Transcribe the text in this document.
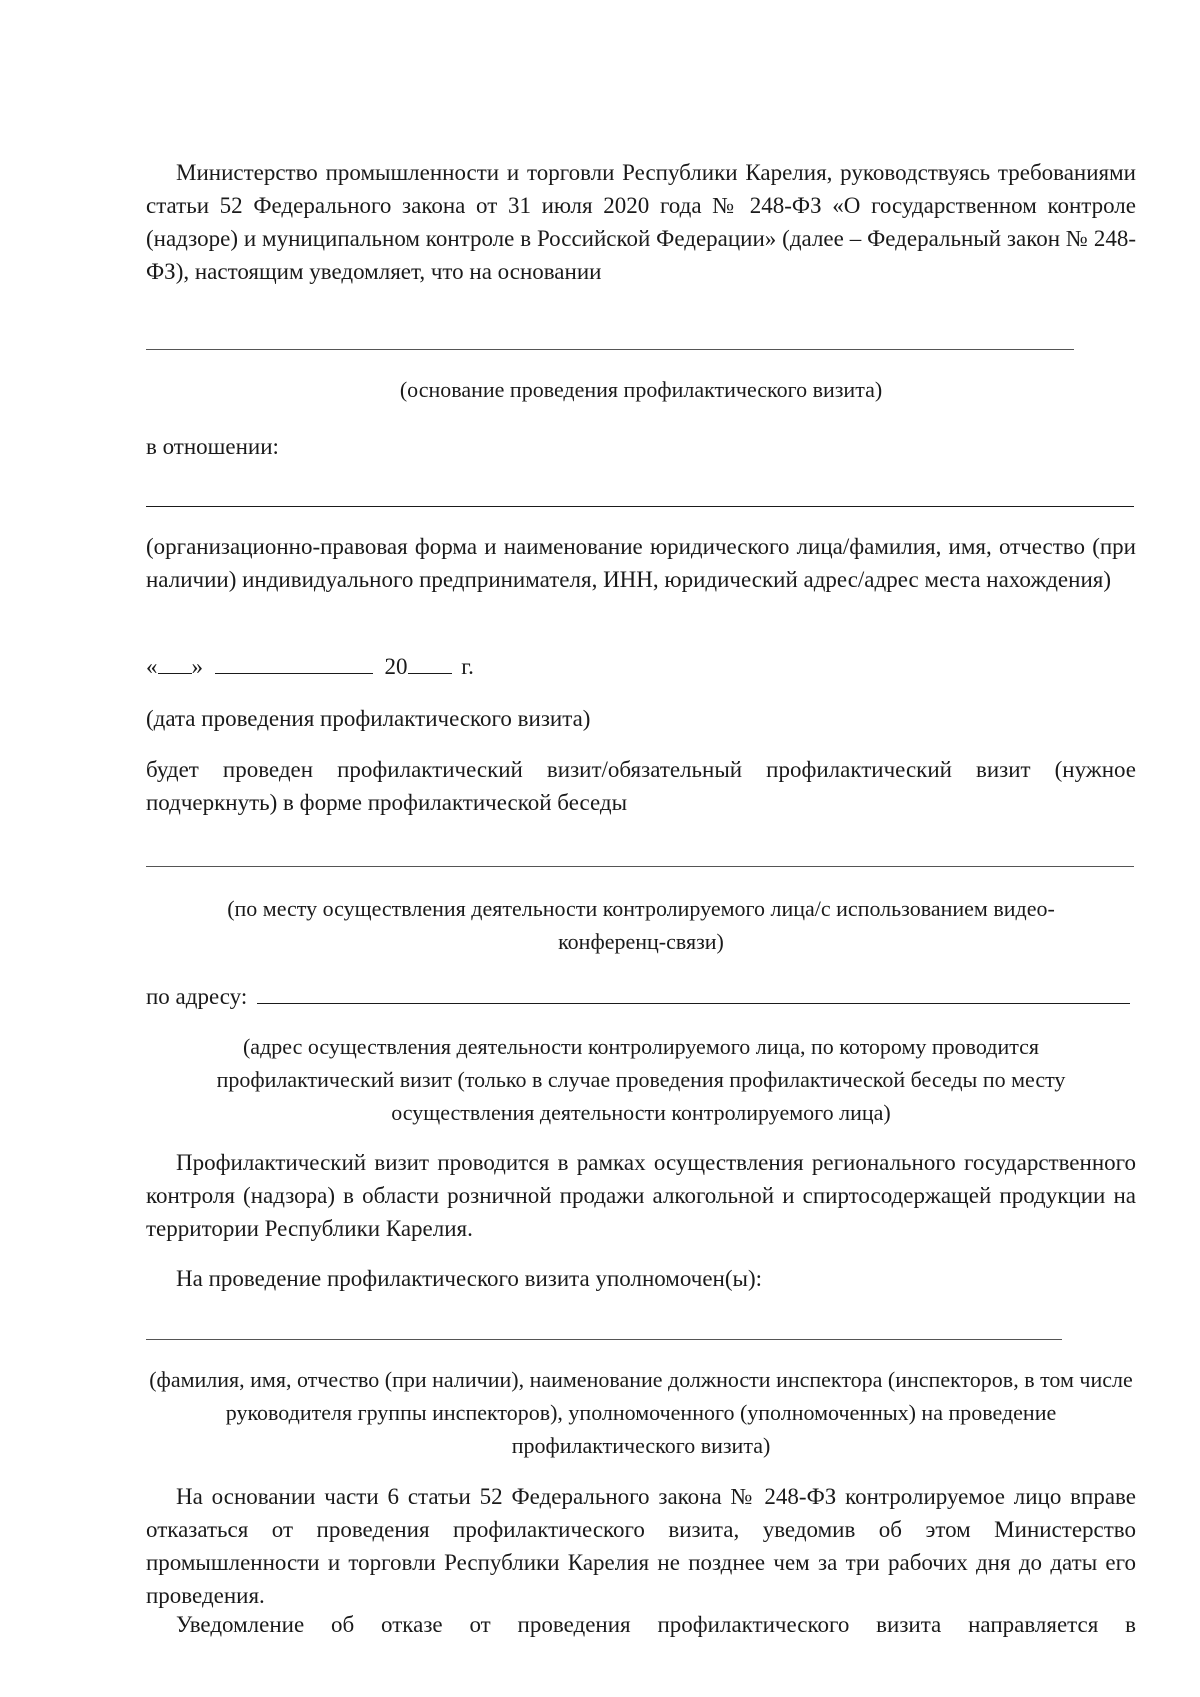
Министерство промышленности и торговли Республики Карелия, руководствуясь требованиями статьи 52 Федерального закона от 31 июля 2020 года № 248-ФЗ «О государственном контроле (надзоре) и муниципальном контроле в Российской Федерации» (далее – Федеральный закон № 248-ФЗ), настоящим уведомляет, что на основании

(основание проведения профилактического визита)

в отношении:

(организационно-правовая форма и наименование юридического лица/фамилия, имя, отчество (при наличии) индивидуального предпринимателя, ИНН, юридический адрес/адрес места нахождения)

« »	20 г.

(дата проведения профилактического визита)

будет проведен профилактический визит/обязательный профилактический визит (нужное подчеркнуть) в форме профилактической беседы

(по месту осуществления деятельности контролируемого лица/с использованием видео-

конференц-связи)

по адресу:

(адрес осуществления деятельности контролируемого лица, по которому проводится профилактический визит (только в случае проведения профилактической беседы по месту осуществления деятельности контролируемого лица)

Профилактический визит проводится в рамках осуществления регионального государственного контроля (надзора) в области розничной продажи алкогольной и спиртосодержащей продукции на территории Республики Карелия.

На проведение профилактического визита уполномочен(ы):

(фамилия, имя, отчество (при наличии), наименование должности инспектора (инспекторов, в том числе руководителя группы инспекторов), уполномоченного (уполномоченных) на проведение профилактического визита)

На основании части 6 статьи 52 Федерального закона № 248-ФЗ контролируемое лицо вправе отказаться от проведения профилактического визита, уведомив об этом Министерство промышленности и торговли Республики Карелия не позднее чем за три рабочих дня до даты его проведения.

Уведомление об отказе от проведения профилактического визита направляется в
